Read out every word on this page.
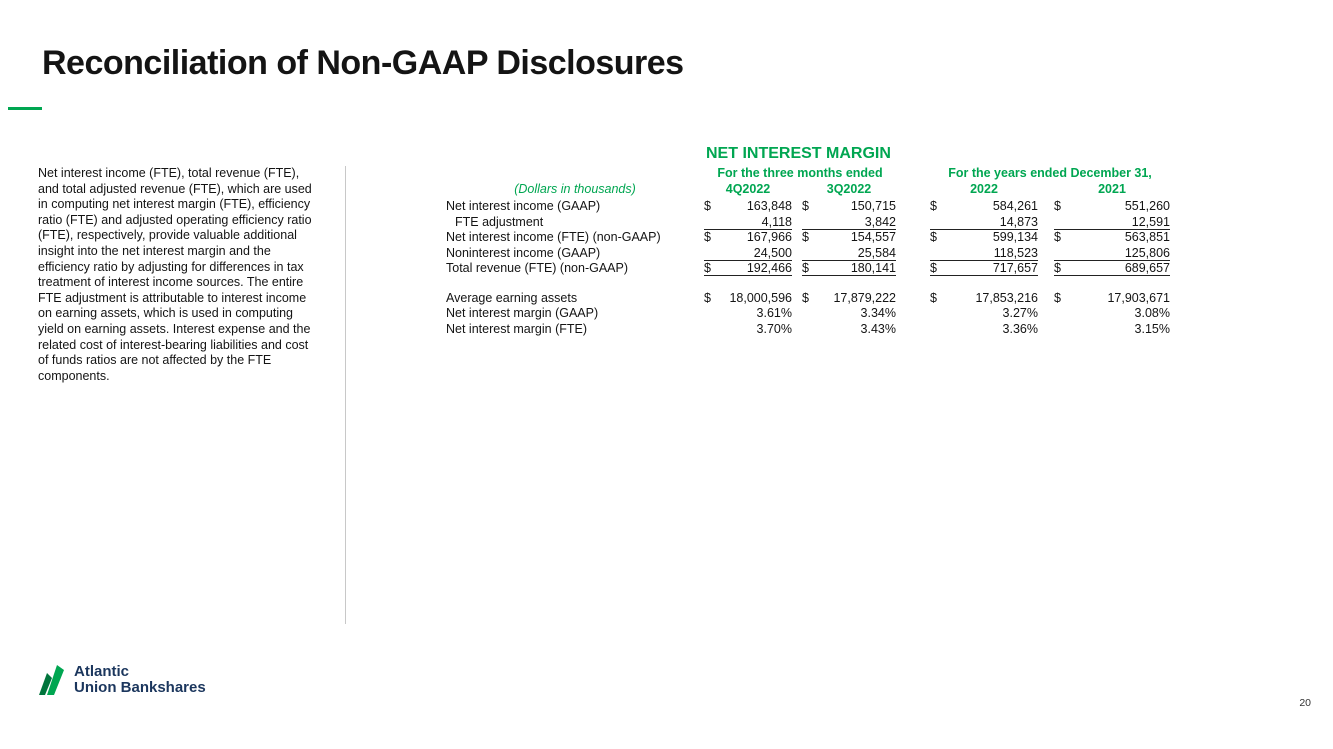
Reconciliation of Non-GAAP Disclosures
Net interest income (FTE), total revenue (FTE), and total adjusted revenue (FTE), which are used in computing net interest margin (FTE), efficiency ratio (FTE) and adjusted operating efficiency ratio (FTE), respectively, provide valuable additional insight into the net interest margin and the efficiency ratio by adjusting for differences in tax treatment of interest income sources. The entire FTE adjustment is attributable to interest income on earning assets, which is used in computing yield on earning assets. Interest expense and the related cost of interest-bearing liabilities and cost of funds ratios are not affected by the FTE components.
NET INTEREST MARGIN
For the three months ended	For the years ended December 31,
(Dollars in thousands)	4Q2022	3Q2022	2022	2021
Net interest income (GAAP)	$	163,848 $	150,715	$	584,261 $	551,260
FTE adjustment	4,118	3,842	14,873	12,591
Net interest income (FTE) (non-GAAP)	$	167,966 $	154,557	$	599,134 $	563,851
Noninterest income (GAAP)	24,500	25,584	118,523	125,806
Total revenue (FTE) (non-GAAP)	$	192,466 $	180,141	$	717,657 $	689,657
Average earning assets	$ 18,000,596 $ 17,879,222	$	17,853,216 $	17,903,671
Net interest margin (GAAP)	3.61%	3.34%	3.27%	3.08%
Net interest margin (FTE)	3.70%	3.43%	3.36%	3.15%
Atlantic
Union Bankshares
20
